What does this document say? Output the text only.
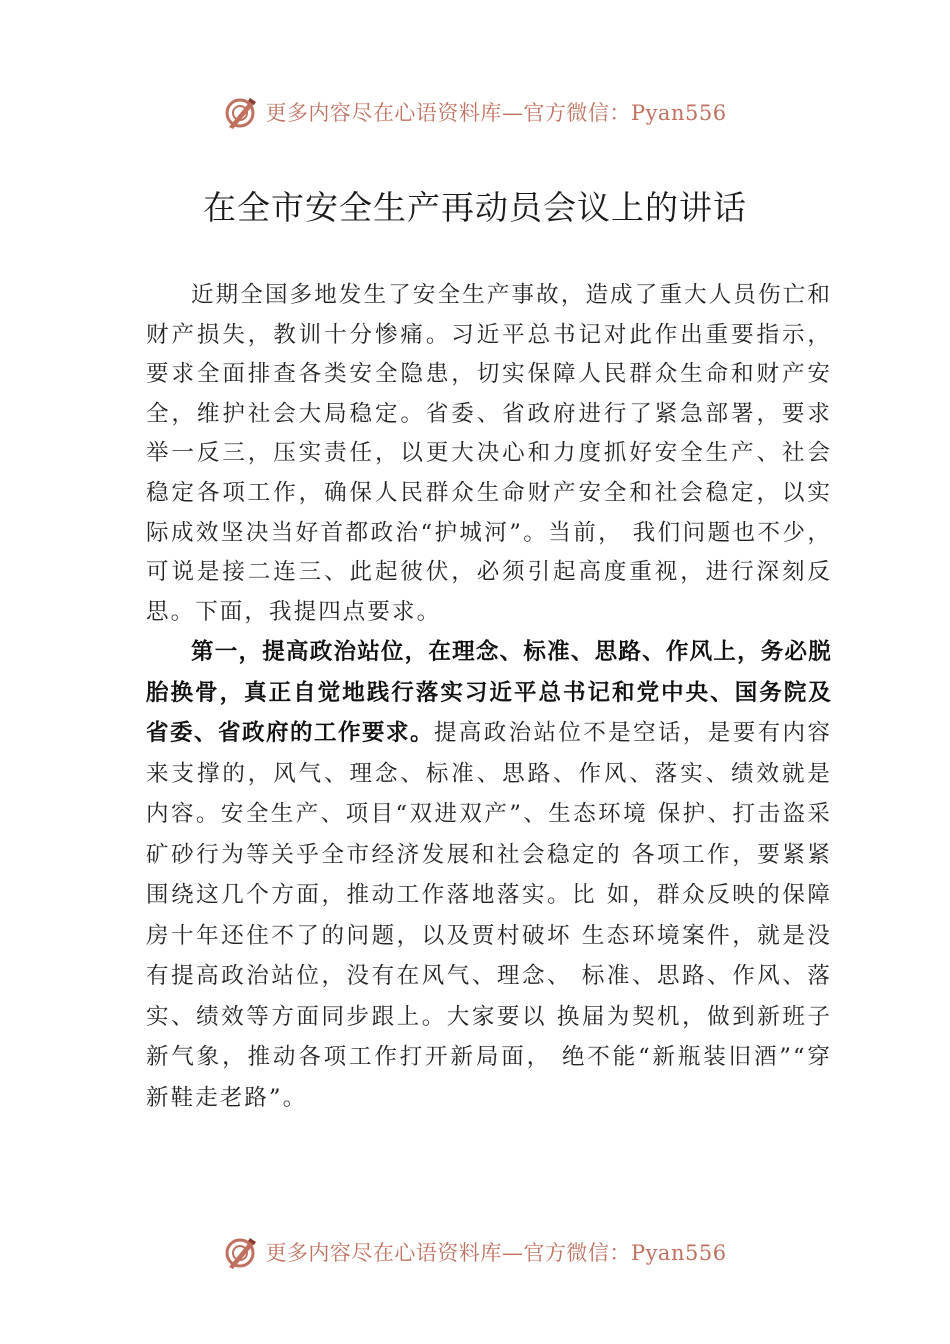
更多内容尽在心语资料库—官方微信：Pyan556
在全市安全生产再动员会议上的讲话

近期全国多地发生了安全生产事故，造成了重大人员伤亡和财产损失，教训十分惨痛。习近平总书记对此作出重要指示，要求全面排查各类安全隐患，切实保障人民群众生命和财产安全，维护社会大局稳定。省委、省政府进行了紧急部署，要求举一反三，压实责任，以更大决心和力度抓好安全生产、社会稳定各项工作，确保人民群众生命财产安全和社会稳定，以实际成效坚决当好首都政治“护城河”。当前， 我们问题也不少，可说是接二连三、此起彼伏，必须引起高度重视，进行深刻反思。下面，我提四点要求。

第一，提高政治站位，在理念、标准、思路、作风上，务必脱胎换骨，真正自觉地践行落实习近平总书记和党中央、国务院及省委、省政府的工作要求。提高政治站位不是空话，是要有内容来支撑的，风气、理念、标准、思路、作风、落实、绩效就是内容。安全生产、项目“双进双产”、生态环境 保护、打击盗采矿砂行为等关乎全市经济发展和社会稳定的 各项工作，要紧紧围绕这几个方面，推动工作落地落实。比 如，群众反映的保障房十年还住不了的问题，以及贾村破坏 生态环境案件，就是没有提高政治站位，没有在风气、理念、 标准、思路、作风、落实、绩效等方面同步跟上。大家要以 换届为契机，做到新班子新气象，推动各项工作打开新局面， 绝不能“新瓶装旧酒”“穿新鞋走老路”。

更多内容尽在心语资料库—官方微信：Pyan556
